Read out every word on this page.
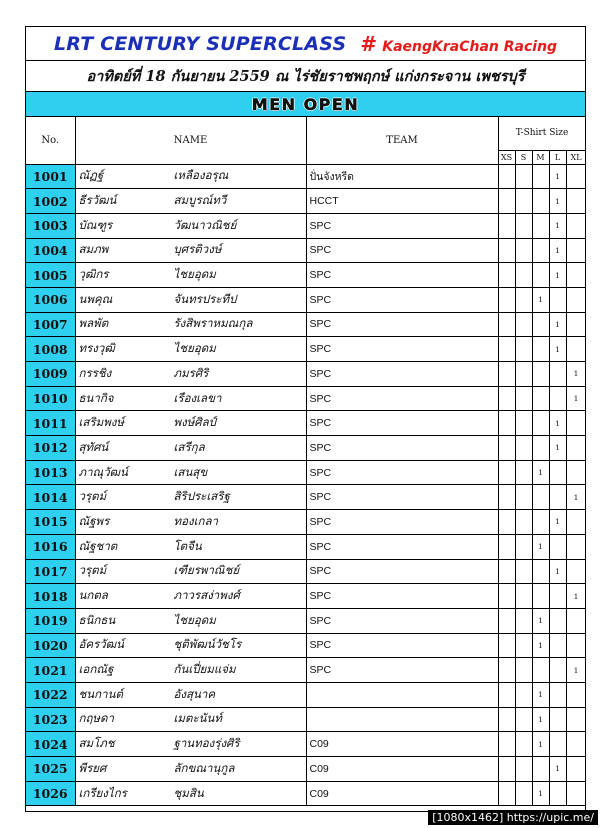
LRT CENTURY SUPERCLASS # KaengKraChan Racing
อาทิตย์ที่ 18 กันยายน 2559 ณ ไร่ชัยราชพฤกษ์ แก่งกระจาน เพชรบุรี
MEN OPEN
No.	NAME	TEAM	T-Shirt Size				
			XS	S	M	L	XL
1001	ณัฏฐ์ เหลืองอรุณ	ปั่นจังหรีด				1	
1002	ธีรวัฒน์ สมบูรณ์ทวี	HCCT				1	
1003	บัณฑูร วัฒนาวณิชย์	SPC				1	
1004	สมภพ บุศรติวงษ์	SPC				1	
1005	วุฒิกร ไชยอุดม	SPC				1	
1006	นพคุณ จันทรประทีป	SPC			1		
1007	พลพัต รังสิพราหมณกุล	SPC				1	
1008	ทรงวุฒิ ไชยอุดม	SPC				1	
1009	กรรชิง ภมรศิริ	SPC					1
1010	ธนากิจ เรืองเลขา	SPC					1
1011	เสริมพงษ์ พงษ์ศิลป์	SPC				1	
1012	สุทัศน์ เสรีกุล	SPC				1	
1013	ภาณุวัฒน์ เสนสุข	SPC			1		
1014	วรุตม์ สิริประเสริฐ	SPC					1
1015	ณัฐพร ทองเกลา	SPC				1	
1016	ณัฐชาต โตจีน	SPC			1		
1017	วรุตม์ เฑียรพาณิชย์	SPC				1	
1018	นกตล ภาวรสง่าพงศ์	SPC					1
1019	ธนิกธน ไชยอุดม	SPC			1		
1020	อัครวัฒน์ ชุติพัฒน์วัชโร	SPC			1		
1021	เอกณัฐ กันเปี่ยมแจ่ม	SPC					1
1022	ชนกานต์ อังสุนาค				1		
1023	กฤษดา เมตะนันท์				1		
1024	สมโภช ฐานทองรุ่งศิริ	C09			1		
1025	พีรยศ ลักขณานุกูล	C09				1	
1026	เกรียงไกร ชุมสิน	C09			1		
[1080x1462] https://upic.me/
